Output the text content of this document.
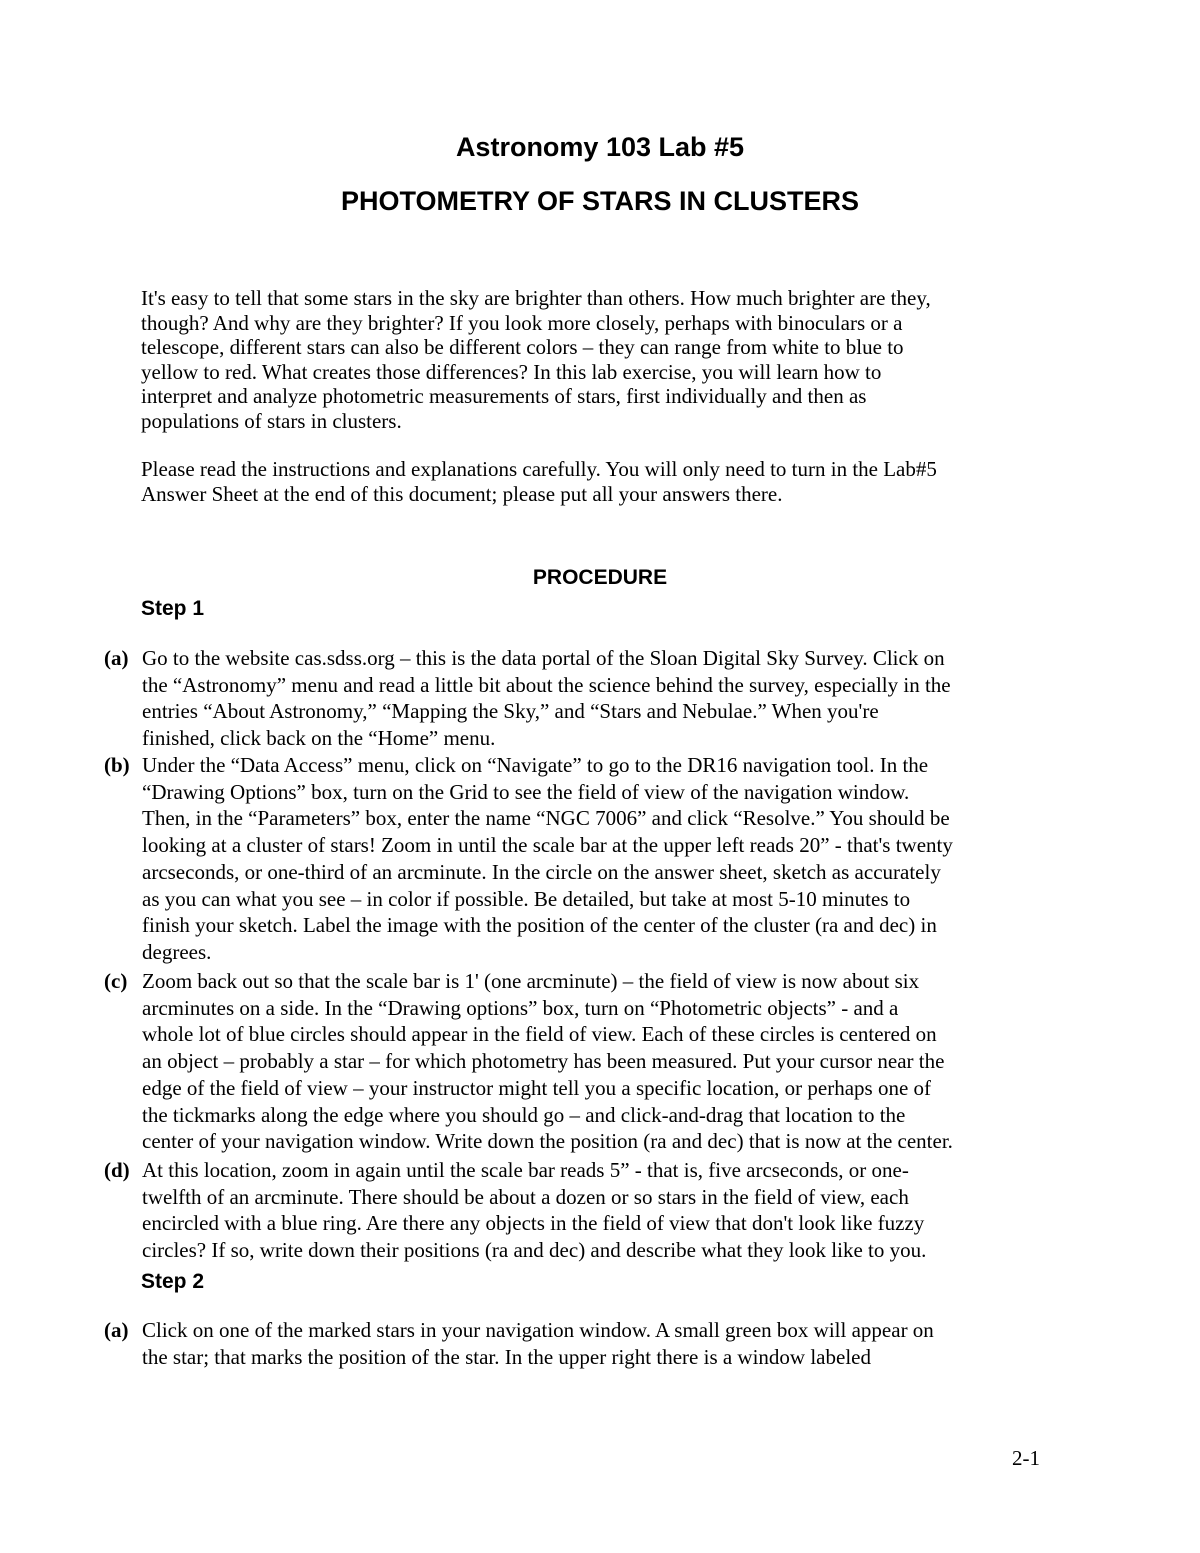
Astronomy 103 Lab #5
PHOTOMETRY OF STARS IN CLUSTERS
It's easy to tell that some stars in the sky are brighter than others. How much brighter are they,
though? And why are they brighter? If you look more closely, perhaps with binoculars or a
telescope, different stars can also be different colors – they can range from white to blue to
yellow to red. What creates those differences? In this lab exercise, you will learn how to
interpret and analyze photometric measurements of stars, first individually and then as
populations of stars in clusters.
Please read the instructions and explanations carefully. You will only need to turn in the Lab#5
Answer Sheet at the end of this document; please put all your answers there.
PROCEDURE
Step 1
(a) Go to the website cas.sdss.org – this is the data portal of the Sloan Digital Sky Survey. Click on
the “Astronomy” menu and read a little bit about the science behind the survey, especially in the
entries “About Astronomy,” “Mapping the Sky,” and “Stars and Nebulae.” When you're
finished, click back on the “Home” menu.
(b) Under the “Data Access” menu, click on “Navigate” to go to the DR16 navigation tool. In the
“Drawing Options” box, turn on the Grid to see the field of view of the navigation window.
Then, in the “Parameters” box, enter the name “NGC 7006” and click “Resolve.” You should be
looking at a cluster of stars! Zoom in until the scale bar at the upper left reads 20” - that's twenty
arcseconds, or one-third of an arcminute. In the circle on the answer sheet, sketch as accurately
as you can what you see – in color if possible. Be detailed, but take at most 5-10 minutes to
finish your sketch. Label the image with the position of the center of the cluster (ra and dec) in
degrees.
(c) Zoom back out so that the scale bar is 1' (one arcminute) – the field of view is now about six
arcminutes on a side. In the “Drawing options” box, turn on “Photometric objects” - and a
whole lot of blue circles should appear in the field of view. Each of these circles is centered on
an object – probably a star – for which photometry has been measured. Put your cursor near the
edge of the field of view – your instructor might tell you a specific location, or perhaps one of
the tickmarks along the edge where you should go – and click-and-drag that location to the
center of your navigation window. Write down the position (ra and dec) that is now at the center.
(d) At this location, zoom in again until the scale bar reads 5” - that is, five arcseconds, or one-
twelfth of an arcminute. There should be about a dozen or so stars in the field of view, each
encircled with a blue ring. Are there any objects in the field of view that don't look like fuzzy
circles? If so, write down their positions (ra and dec) and describe what they look like to you.
Step 2
(a) Click on one of the marked stars in your navigation window. A small green box will appear on
the star; that marks the position of the star. In the upper right there is a window labeled
2-1
